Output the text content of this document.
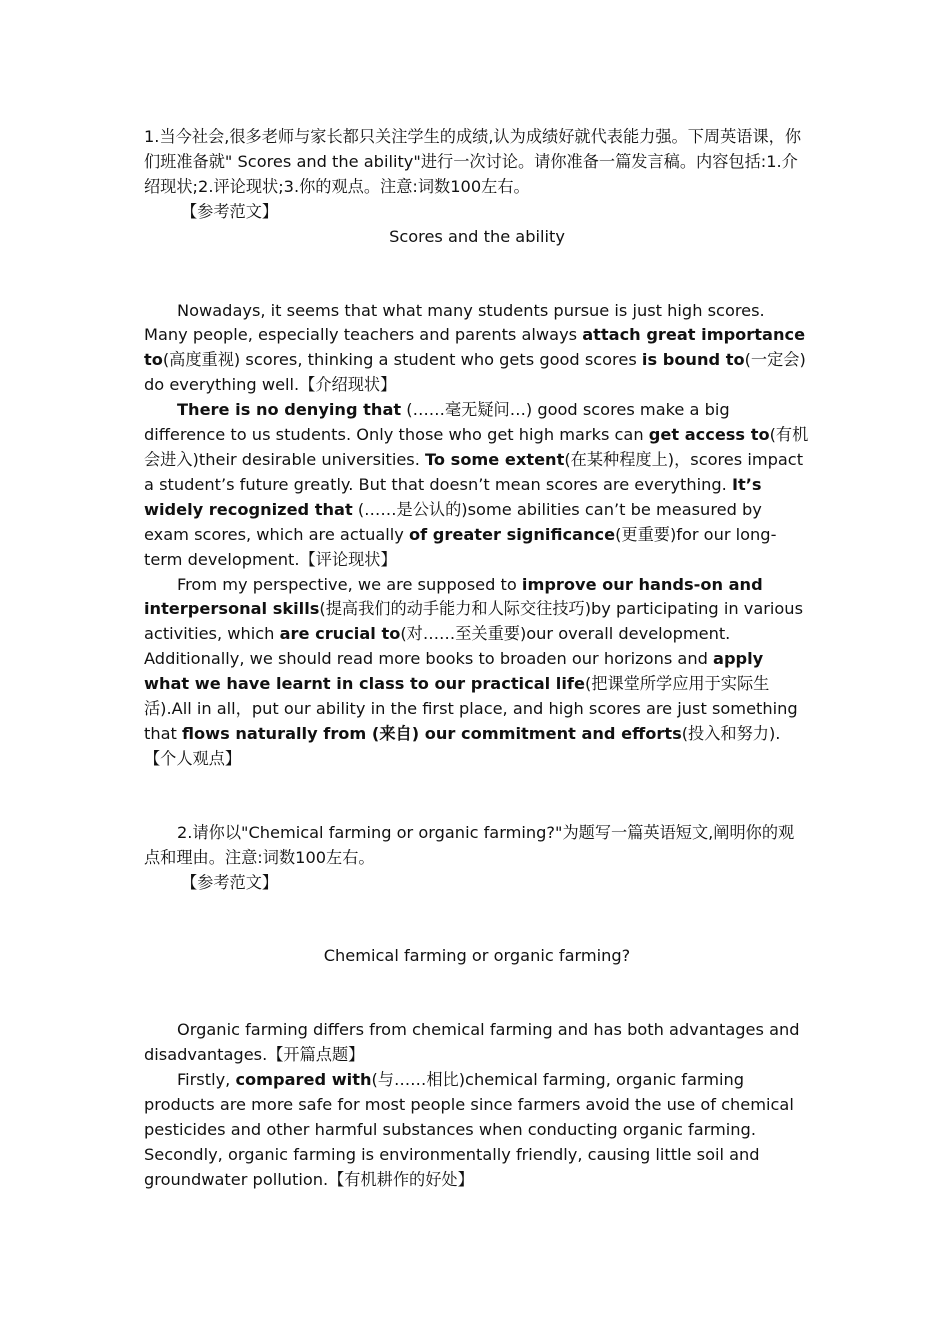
1.当今社会,很多老师与家长都只关注学生的成绩,认为成绩好就代表能力强。下周英语课，你们班准备就" Scores and the ability"进行一次讨论。请你准备一篇发言稿。内容包括:1.介绍现状;2.评论现状;3.你的观点。注意:词数100左右。

【参考范文】

Scores and the ability

Nowadays, it seems that what many students pursue is just high scores. Many people, especially teachers and parents always attach great importance to(高度重视) scores, thinking a student who gets good scores is bound to(一定会) do everything well.【介绍现状】

There is no denying that (……毫无疑问…) good scores make a big difference to us students. Only those who get high marks can get access to(有机会进入)their desirable universities. To some extent(在某种程度上)，scores impact a student’s future greatly. But that doesn’t mean scores are everything. It’s widely recognized that (……是公认的)some abilities can’t be measured by exam scores, which are actually of greater significance(更重要)for our long-term development.【评论现状】

From my perspective, we are supposed to improve our hands-on and interpersonal skills(提高我们的动手能力和人际交往技巧)by participating in various activities, which are crucial to(对……至关重要)our overall development. Additionally, we should read more books to broaden our horizons and apply what we have learnt in class to our practical life(把课堂所学应用于实际生活).All in all，put our ability in the first place, and high scores are just something that flows naturally from (来自) our commitment and efforts(投入和努力).【个人观点】

2.请你以"Chemical farming or organic farming?"为题写一篇英语短文,阐明你的观点和理由。注意:词数100左右。

【参考范文】

Chemical farming or organic farming?

Organic farming differs from chemical farming and has both advantages and disadvantages.【开篇点题】

Firstly, compared with(与……相比)chemical farming, organic farming products are more safe for most people since farmers avoid the use of chemical pesticides and other harmful substances when conducting organic farming. Secondly, organic farming is environmentally friendly, causing little soil and groundwater pollution.【有机耕作的好处】
